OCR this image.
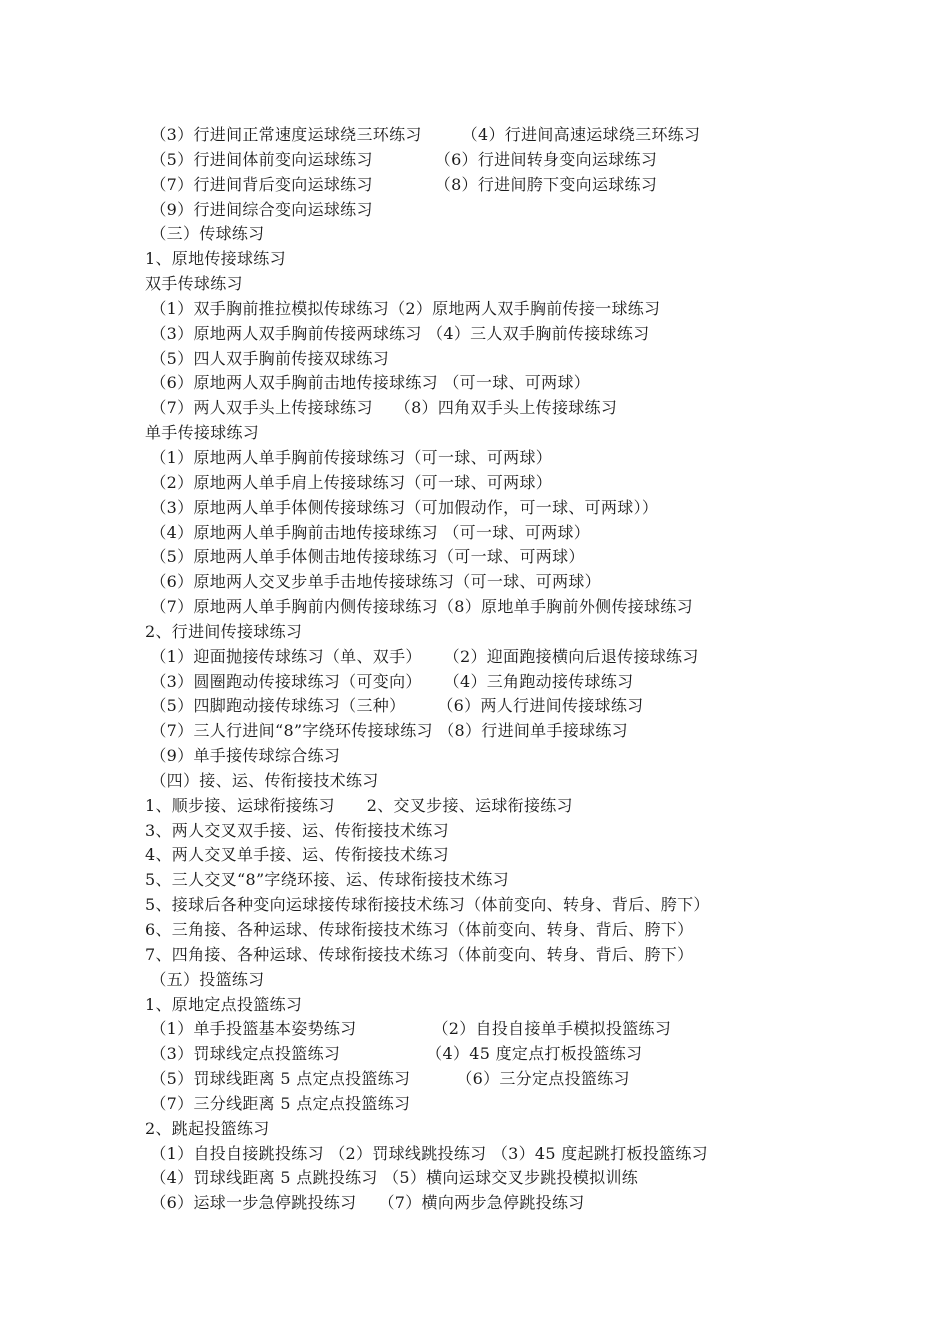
（3）行进间正常速度运球绕三环练习	（4）行进间高速运球绕三环练习
（5）行进间体前变向运球练习	（6）行进间转身变向运球练习
（7）行进间背后变向运球练习	（8）行进间胯下变向运球练习
（9）行进间综合变向运球练习
（三）传球练习
1、原地传接球练习
双手传球练习
（1）双手胸前推拉模拟传球练习（2）原地两人双手胸前传接一球练习
（3）原地两人双手胸前传接两球练习 （4）三人双手胸前传接球练习
（5）四人双手胸前传接双球练习
（6）原地两人双手胸前击地传接球练习 （可一球、可两球）
（7）两人双手头上传接球练习 （8）四角双手头上传接球练习
单手传接球练习
（1）原地两人单手胸前传接球练习（可一球、可两球）
（2）原地两人单手肩上传接球练习（可一球、可两球）
（3）原地两人单手体侧传接球练习（可加假动作，可一球、可两球））
（4）原地两人单手胸前击地传接球练习 （可一球、可两球）
（5）原地两人单手体侧击地传接球练习（可一球、可两球）
（6）原地两人交叉步单手击地传接球练习（可一球、可两球）
（7）原地两人单手胸前内侧传接球练习（8）原地单手胸前外侧传接球练习
2、行进间传接球练习
（1）迎面抛接传球练习（单、双手） （2）迎面跑接横向后退传接球练习
（3）圆圈跑动传接球练习（可变向） （4）三角跑动接传球练习
（5）四脚跑动接传球练习（三种） （6）两人行进间传接球练习
（7）三人行进间“8”字绕环传接球练习 （8）行进间单手接球练习
（9）单手接传球综合练习
（四）接、运、传衔接技术练习
1、顺步接、运球衔接练习 2、交叉步接、运球衔接练习
3、两人交叉双手接、运、传衔接技术练习
4、两人交叉单手接、运、传衔接技术练习
5、三人交叉“8”字绕环接、运、传球衔接技术练习
5、接球后各种变向运球接传球衔接技术练习（体前变向、转身、背后、胯下）
6、三角接、各种运球、传球衔接技术练习（体前变向、转身、背后、胯下）
7、四角接、各种运球、传球衔接技术练习（体前变向、转身、背后、胯下）
（五）投篮练习
1、原地定点投篮练习
（1）单手投篮基本姿势练习	（2）自投自接单手模拟投篮练习
（3）罚球线定点投篮练习	（4）45 度定点打板投篮练习
（5）罚球线距离 5 点定点投篮练习	（6）三分定点投篮练习
（7）三分线距离 5 点定点投篮练习
2、跳起投篮练习
（1）自投自接跳投练习 （2）罚球线跳投练习 （3）45 度起跳打板投篮练习
（4）罚球线距离 5 点跳投练习 （5）横向运球交叉步跳投模拟训练
（6）运球一步急停跳投练习 （7）横向两步急停跳投练习
